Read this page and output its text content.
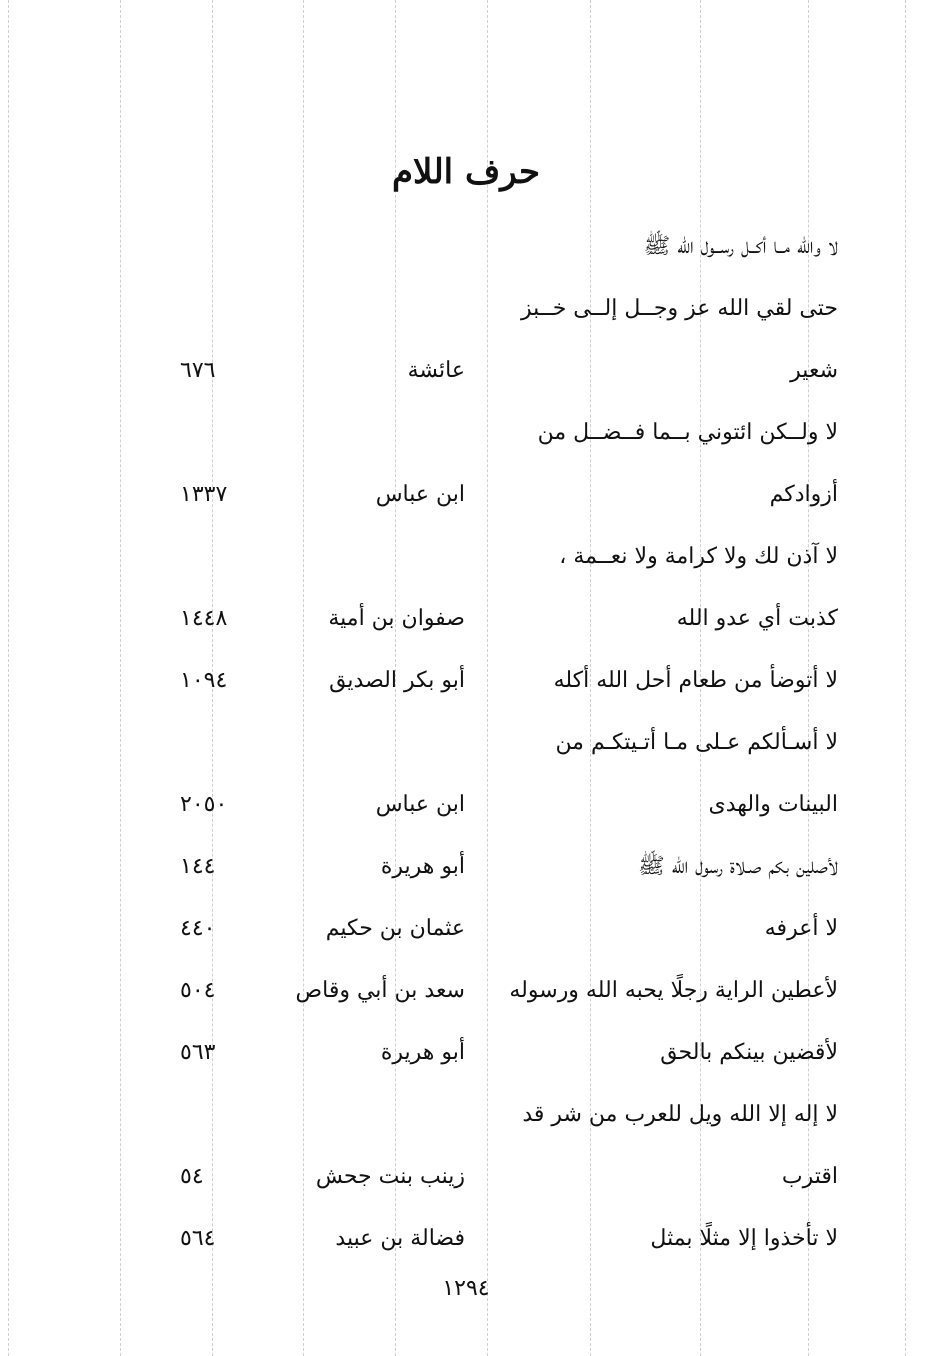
حرف اللام
لا والله مــا أكــل رســول الله ﷺ
حتى لقي الله عز وجــل إلــى خــبز
شعير
عائشة
٦٧٦
لا ولــكن ائتوني بــما فــضــل من
أزوادكم
ابن عباس
١٣٣٧
لا آذن لك ولا كرامة ولا نعــمة ،
كذبت أي عدو الله
صفوان بن أمية
١٤٤٨
لا أتوضأ من طعام أحل الله أكله
أبو بكر الصديق
١٠٩٤
لا أسـألكم عـلى مـا أتـيتكـم من
البينات والهدى
ابن عباس
٢٠٥٠
لأصلين بكم صـلاة رسول الله ﷺ
أبو هريرة
١٤٤
لا أعرفه
عثمان بن حكيم
٤٤٠
لأعطين الراية رجلًا يحبه الله ورسوله
سعد بن أبي وقاص
٥٠٤
لأقضين بينكم بالحق
أبو هريرة
٥٦٣
لا إله إلا الله ويل للعرب من شر قد
اقترب
زينب بنت جحش
٥٤
لا تأخذوا إلا مثلًا بمثل
فضالة بن عبيد
٥٦٤
١٢٩٤
